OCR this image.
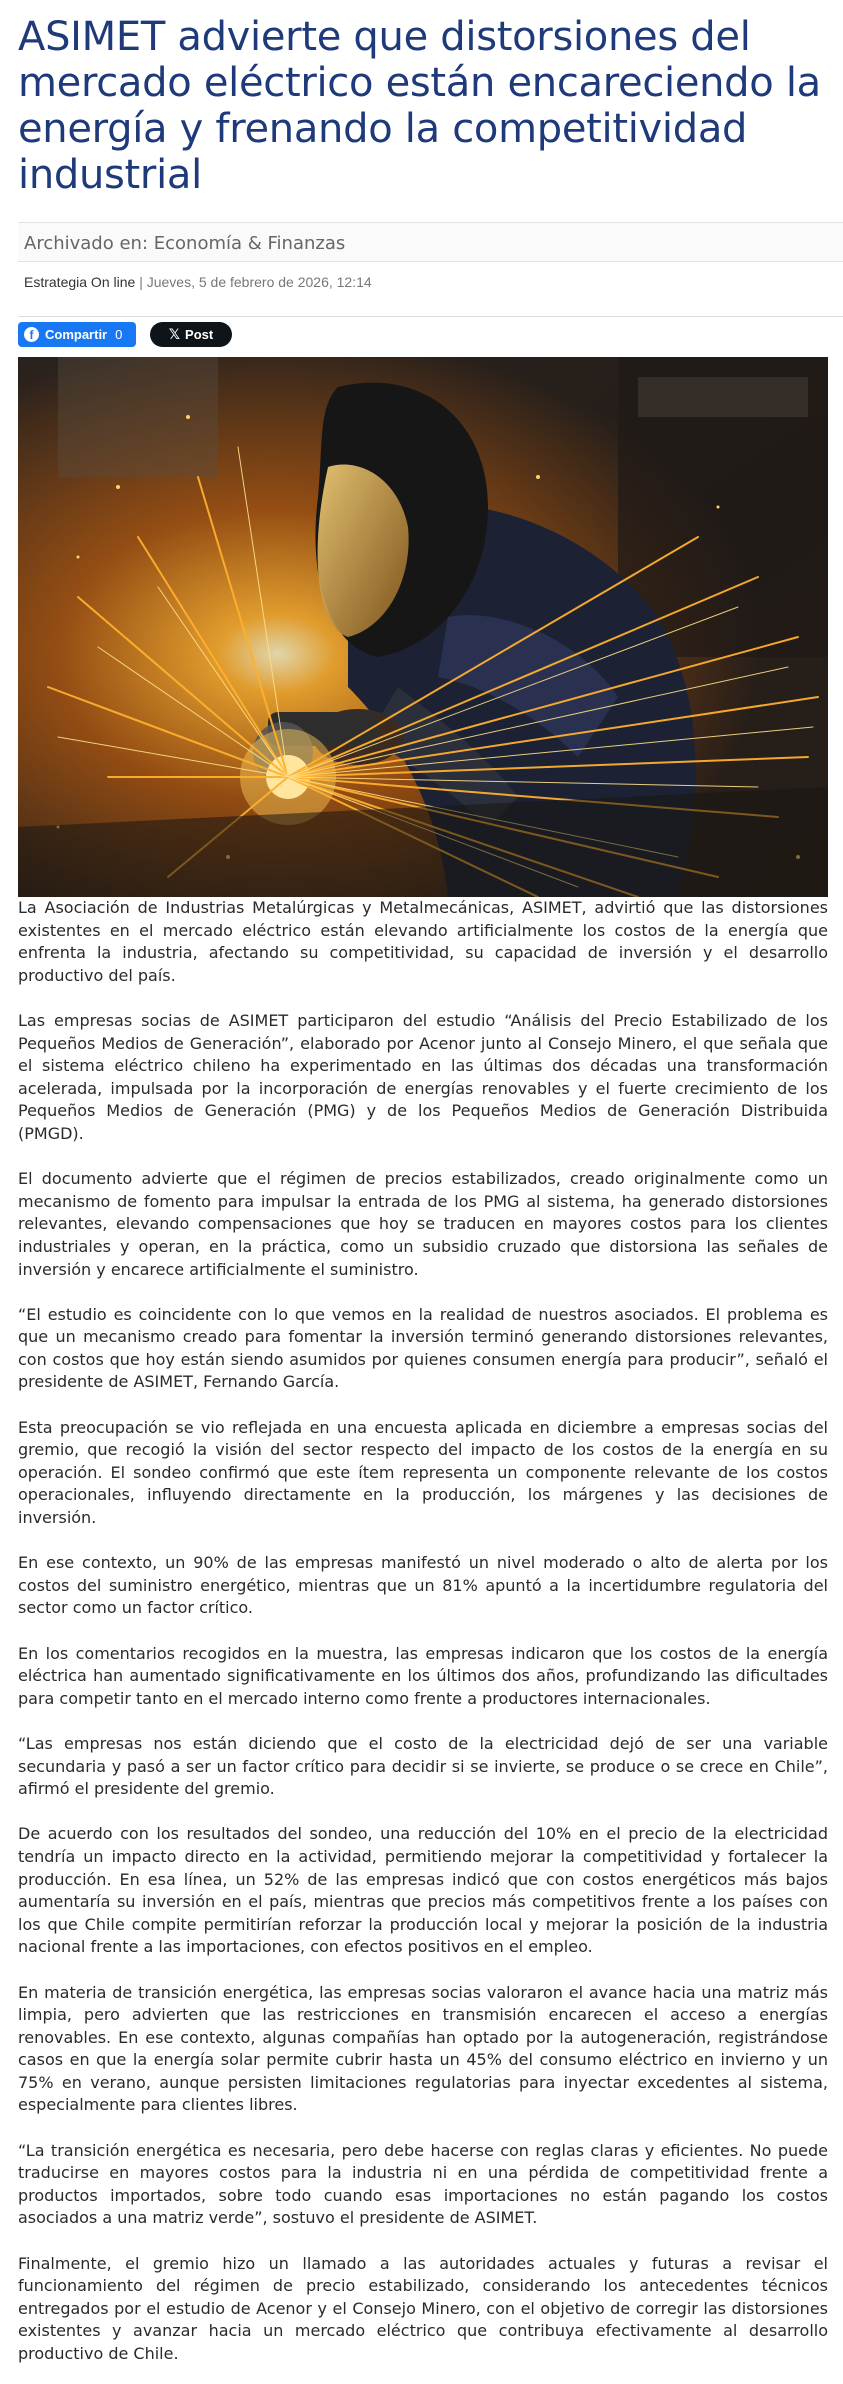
ASIMET advierte que distorsiones del mercado eléctrico están encareciendo la energía y frenando la competitividad industrial
Archivado en: Economía & Finanzas
Estrategia On line | Jueves, 5 de febrero de 2026, 12:14
f Compartir 0	𝕏 Post

La Asociación de Industrias Metalúrgicas y Metalmecánicas, ASIMET, advirtió que las distorsiones existentes en el mercado eléctrico están elevando artificialmente los costos de la energía que enfrenta la industria, afectando su competitividad, su capacidad de inversión y el desarrollo productivo del país.

Las empresas socias de ASIMET participaron del estudio “Análisis del Precio Estabilizado de los Pequeños Medios de Generación”, elaborado por Acenor junto al Consejo Minero, el que señala que el sistema eléctrico chileno ha experimentado en las últimas dos décadas una transformación acelerada, impulsada por la incorporación de energías renovables y el fuerte crecimiento de los Pequeños Medios de Generación (PMG) y de los Pequeños Medios de Generación Distribuida (PMGD).

El documento advierte que el régimen de precios estabilizados, creado originalmente como un mecanismo de fomento para impulsar la entrada de los PMG al sistema, ha generado distorsiones relevantes, elevando compensaciones que hoy se traducen en mayores costos para los clientes industriales y operan, en la práctica, como un subsidio cruzado que distorsiona las señales de inversión y encarece artificialmente el suministro.

“El estudio es coincidente con lo que vemos en la realidad de nuestros asociados. El problema es que un mecanismo creado para fomentar la inversión terminó generando distorsiones relevantes, con costos que hoy están siendo asumidos por quienes consumen energía para producir”, señaló el presidente de ASIMET, Fernando García.

Esta preocupación se vio reflejada en una encuesta aplicada en diciembre a empresas socias del gremio, que recogió la visión del sector respecto del impacto de los costos de la energía en su operación. El sondeo confirmó que este ítem representa un componente relevante de los costos operacionales, influyendo directamente en la producción, los márgenes y las decisiones de inversión.

En ese contexto, un 90% de las empresas manifestó un nivel moderado o alto de alerta por los costos del suministro energético, mientras que un 81% apuntó a la incertidumbre regulatoria del sector como un factor crítico.

En los comentarios recogidos en la muestra, las empresas indicaron que los costos de la energía eléctrica han aumentado significativamente en los últimos dos años, profundizando las dificultades para competir tanto en el mercado interno como frente a productores internacionales.

“Las empresas nos están diciendo que el costo de la electricidad dejó de ser una variable secundaria y pasó a ser un factor crítico para decidir si se invierte, se produce o se crece en Chile”, afirmó el presidente del gremio.

De acuerdo con los resultados del sondeo, una reducción del 10% en el precio de la electricidad tendría un impacto directo en la actividad, permitiendo mejorar la competitividad y fortalecer la producción. En esa línea, un 52% de las empresas indicó que con costos energéticos más bajos aumentaría su inversión en el país, mientras que precios más competitivos frente a los países con los que Chile compite permitirían reforzar la producción local y mejorar la posición de la industria nacional frente a las importaciones, con efectos positivos en el empleo.

En materia de transición energética, las empresas socias valoraron el avance hacia una matriz más limpia, pero advierten que las restricciones en transmisión encarecen el acceso a energías renovables. En ese contexto, algunas compañías han optado por la autogeneración, registrándose casos en que la energía solar permite cubrir hasta un 45% del consumo eléctrico en invierno y un 75% en verano, aunque persisten limitaciones regulatorias para inyectar excedentes al sistema, especialmente para clientes libres.

“La transición energética es necesaria, pero debe hacerse con reglas claras y eficientes. No puede traducirse en mayores costos para la industria ni en una pérdida de competitividad frente a productos importados, sobre todo cuando esas importaciones no están pagando los costos asociados a una matriz verde”, sostuvo el presidente de ASIMET.

Finalmente, el gremio hizo un llamado a las autoridades actuales y futuras a revisar el funcionamiento del régimen de precio estabilizado, considerando los antecedentes técnicos entregados por el estudio de Acenor y el Consejo Minero, con el objetivo de corregir las distorsiones existentes y avanzar hacia un mercado eléctrico que contribuya efectivamente al desarrollo productivo de Chile.
